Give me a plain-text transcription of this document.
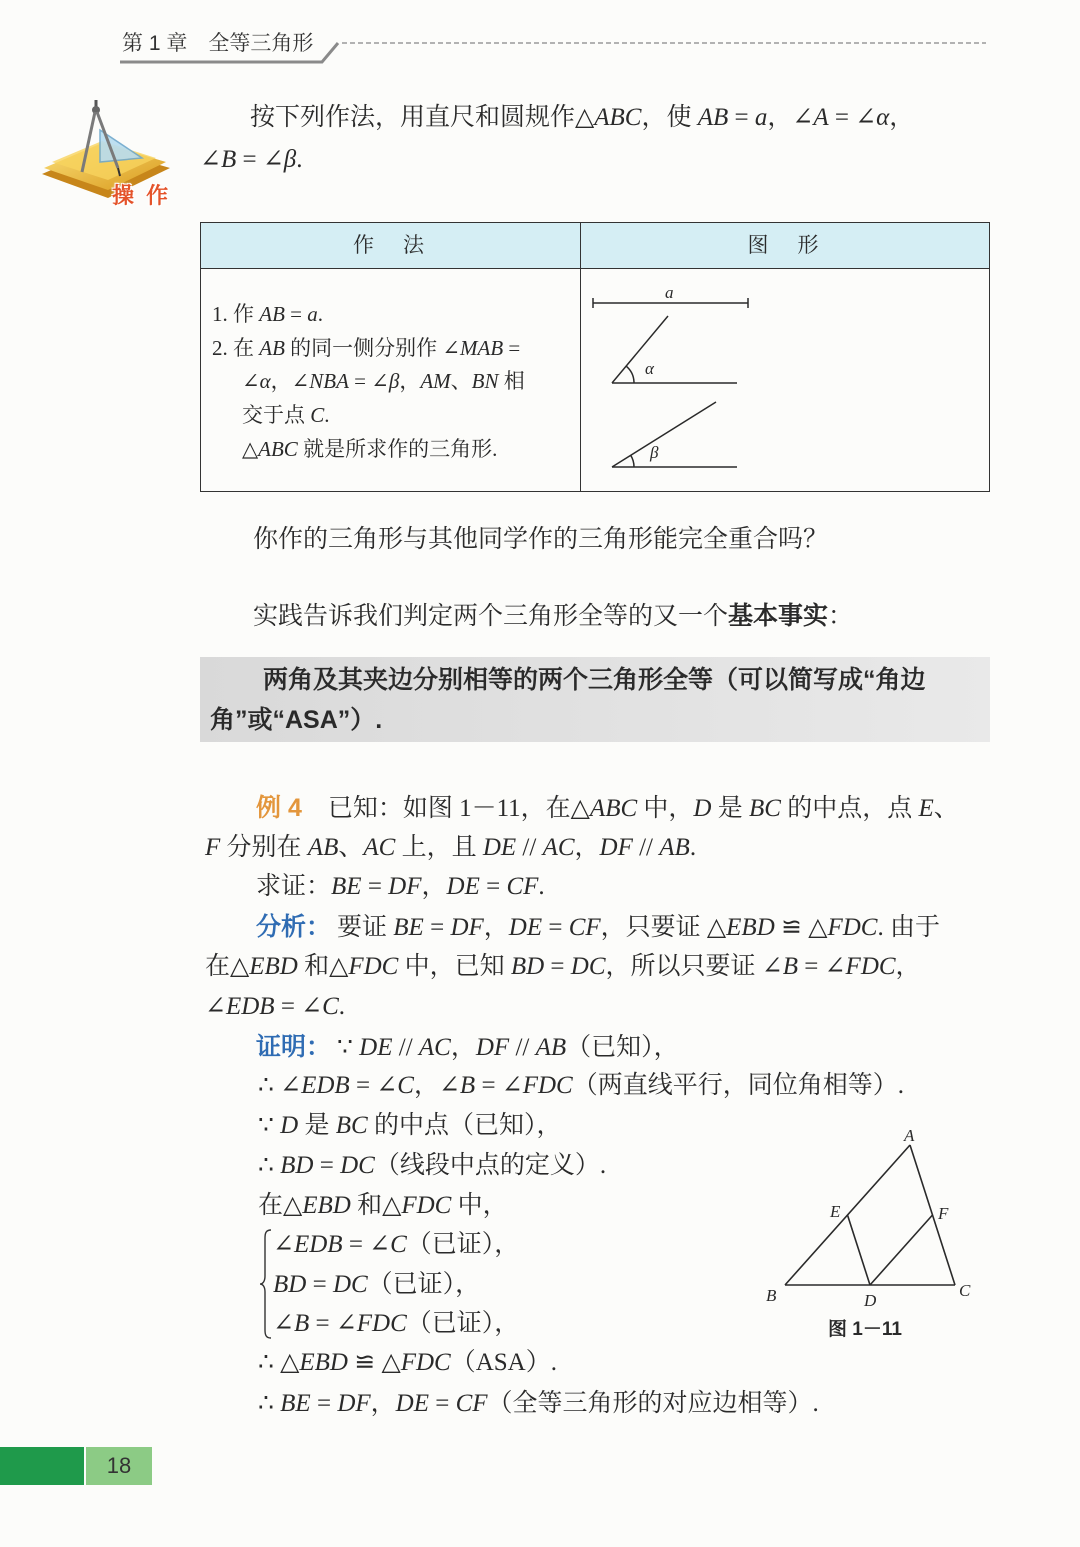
第 1 章　全等三角形
操 作
按下列作法，用直尺和圆规作△ABC，使 AB = a，∠A = ∠α，
∠B = ∠β.
作　法	图　形
1. 作 AB = a.
2. 在 AB 的同一侧分别作 ∠MAB =
∠α，∠NBA = ∠β，AM、BN 相
交于点 C.
△ABC 就是所求作的三角形.
a
α
β
你作的三角形与其他同学作的三角形能完全重合吗？
实践告诉我们判定两个三角形全等的又一个基本事实：
两角及其夹边分别相等的两个三角形全等（可以简写成“角边
角”或“ASA”）.
例 4 已知：如图 1－11，在△ABC 中，D 是 BC 的中点，点 E、
F 分别在 AB、AC 上，且 DE // AC，DF // AB.
求证：BE = DF，DE = CF.
分析： 要证 BE = DF，DE = CF，只要证 △EBD ≌ △FDC. 由于
在△EBD 和△FDC 中，已知 BD = DC，所以只要证 ∠B = ∠FDC，
∠EDB = ∠C.
证明： ∵ DE // AC，DF // AB（已知），
∴ ∠EDB = ∠C，∠B = ∠FDC（两直线平行，同位角相等）.
∵ D 是 BC 的中点（已知），
∴ BD = DC（线段中点的定义）.
在△EBD 和△FDC 中，
∠EDB = ∠C（已证），
BD = DC（已证），
∠B = ∠FDC（已证），
∴ △EBD ≌ △FDC（ASA）.
∴ BE = DF，DE = CF（全等三角形的对应边相等）.
A
B	C
D
E	F
图 1－11
18
